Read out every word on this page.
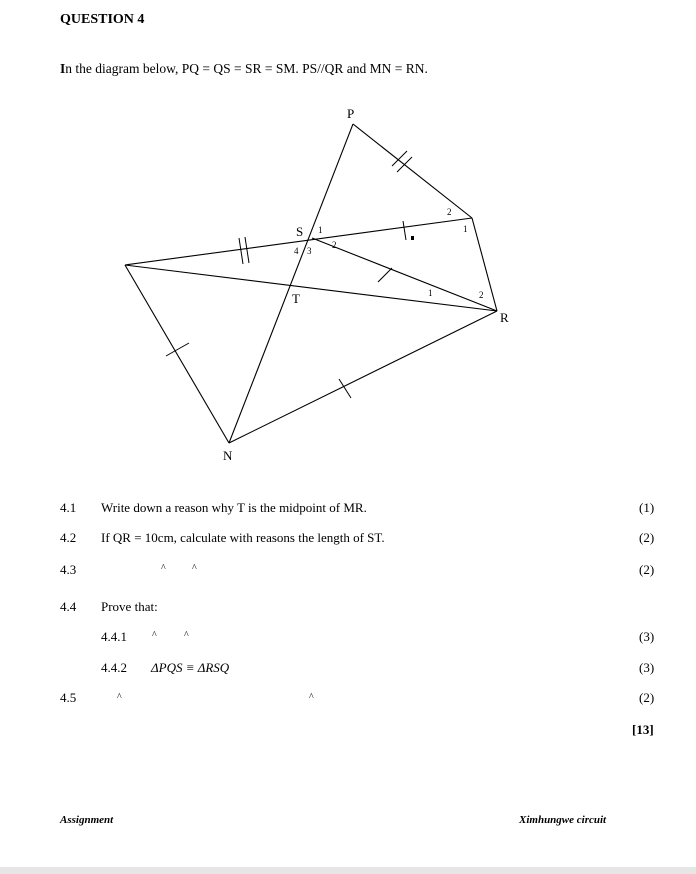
QUESTION 4
In the diagram below, PQ = QS = SR = SM. PS//QR and MN = RN.
P
S
T
R
N
1
2
3
4
2
1
1	2
4.1 Write down a reason why T is the midpoint of MR.	(1)
4.2 If QR = 10cm, calculate with reasons the length of ST.	(2)
4.3	^	^	(2)
4.4 Prove that:
4.4.1	^	^	(3)
4.4.2 ΔPQS ≡ ΔRSQ	(3)
4.5	^	^	(2)
[13]
Assignment	Ximhungwe circuit
